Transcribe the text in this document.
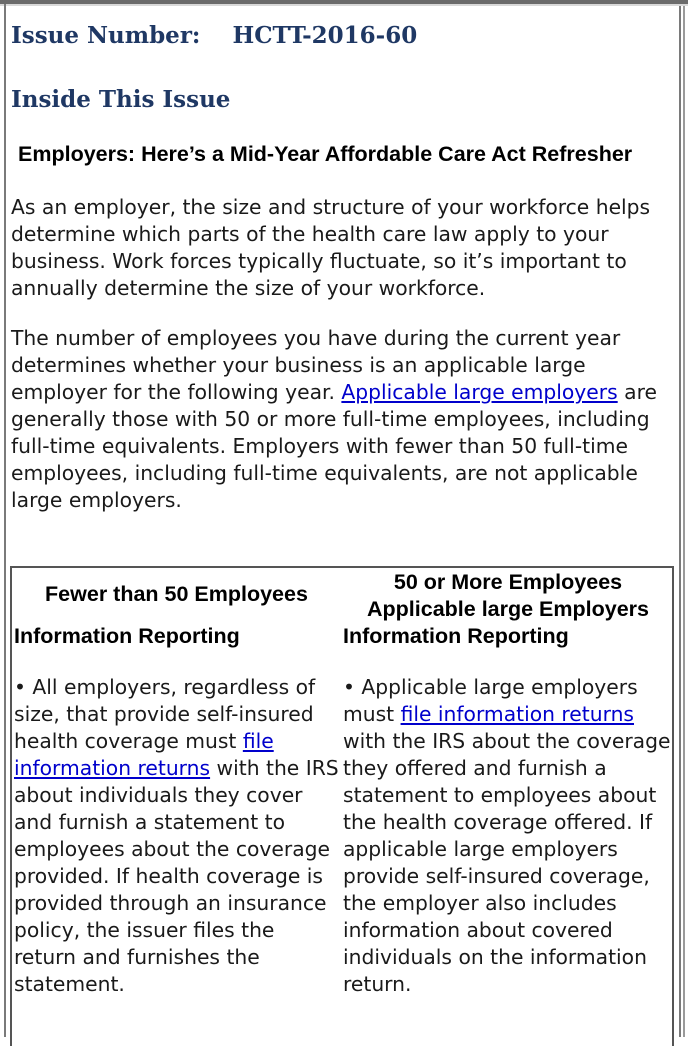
Issue Number: HCTT-2016-60
Inside This Issue
Employers: Here’s a Mid-Year Affordable Care Act Refresher

As an employer, the size and structure of your workforce helps determine which parts of the health care law apply to your business. Work forces typically fluctuate, so it’s important to annually determine the size of your workforce.

The number of employees you have during the current year determines whether your business is an applicable large employer for the following year. Applicable large employers are generally those with 50 or more full-time employees, including full-time equivalents. Employers with fewer than 50 full-time employees, including full-time equivalents, are not applicable large employers.

Fewer than 50 Employees
Information Reporting
• All employers, regardless of size, that provide self-insured health coverage must file information returns with the IRS about individuals they cover and furnish a statement to employees about the coverage provided. If health coverage is provided through an insurance policy, the issuer files the return and furnishes the statement.
50 or More Employees
Applicable large Employers
Information Reporting
• Applicable large employers must file information returns with the IRS about the coverage they offered and furnish a statement to employees about the health coverage offered. If applicable large employers provide self-insured coverage, the employer also includes information about covered individuals on the information return.
